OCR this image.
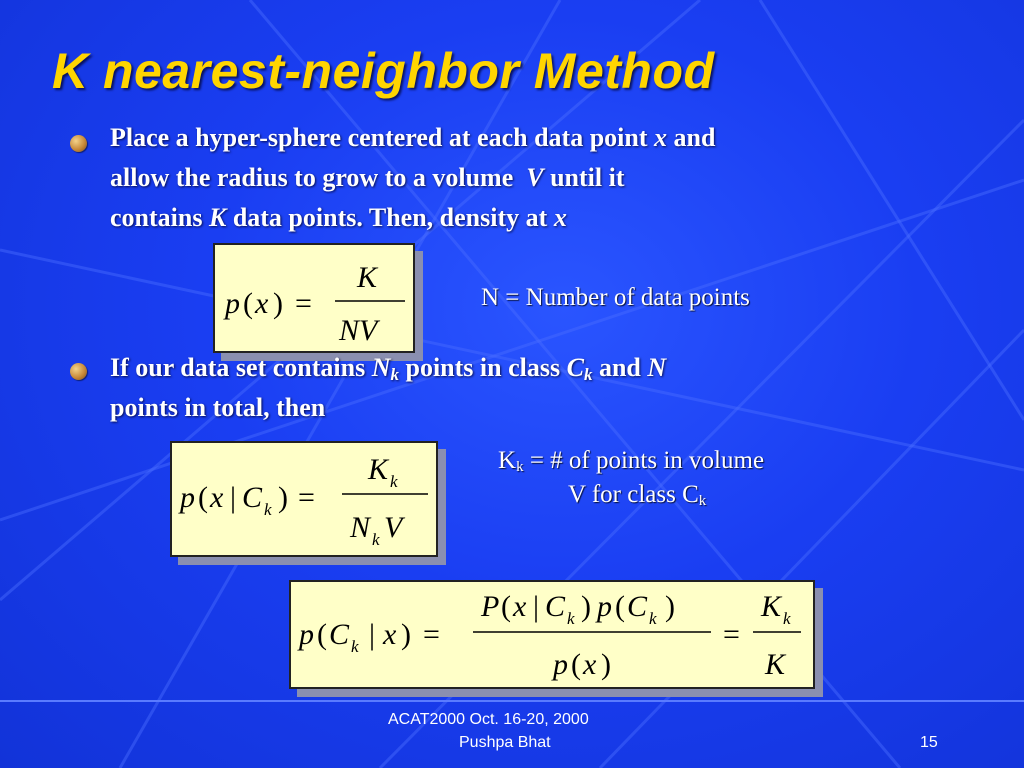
K nearest-neighbor Method
Place a hyper-sphere centered at each data point x and
allow the radius to grow to a volume  V until it
contains K data points. Then, density at x
p ( x ) =
K
NV
N = Number of data points
If our data set contains $N_k$ points in class $C_k$ and N
points in total, then
p ( x | C k ) =
K k
N k V
$K_k$ = # of points in volume
V for class $C_k$
p ( C k | x ) =
P ( x | C k ) p ( C k )
p ( x )
=
K k
K
ACAT2000 Oct. 16-20, 2000
Pushpa Bhat	15
